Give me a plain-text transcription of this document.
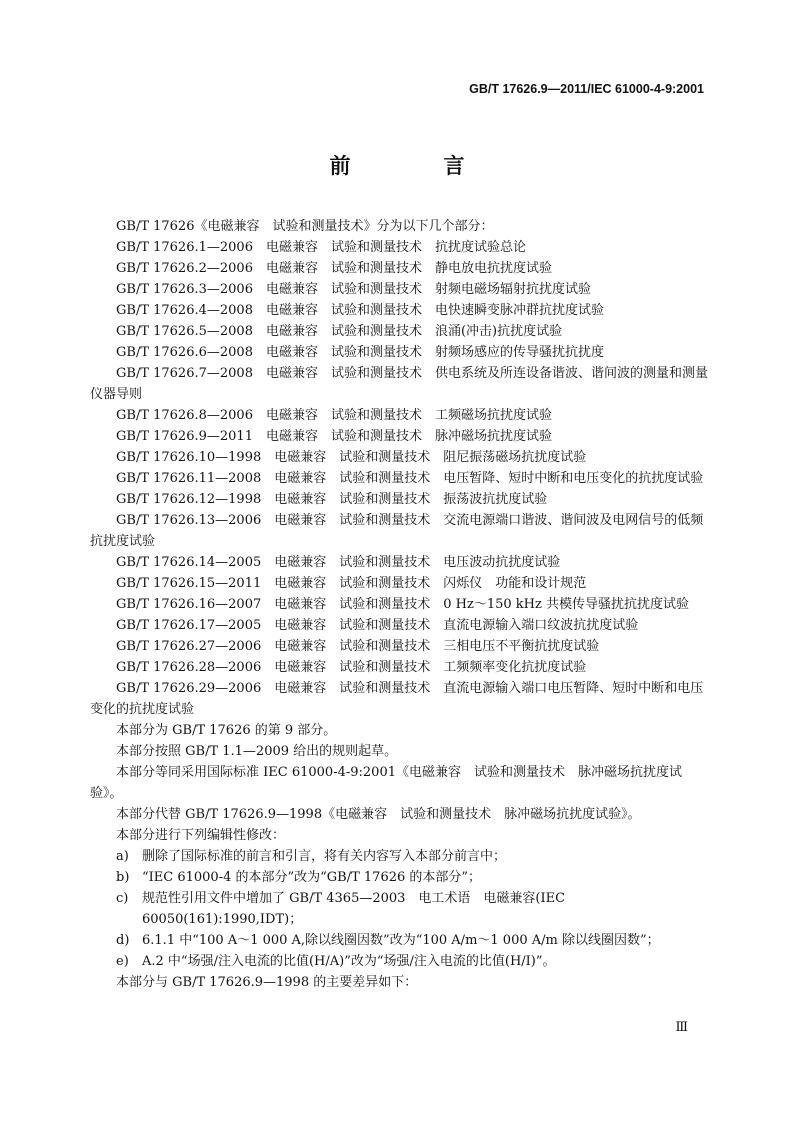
GB/T 17626.9—2011/IEC 61000-4-9:2001
前　言

GB/T 17626《电磁兼容　试验和测量技术》分为以下几个部分：

GB/T 17626.1—2006　电磁兼容　试验和测量技术　抗扰度试验总论

GB/T 17626.2—2006　电磁兼容　试验和测量技术　静电放电抗扰度试验

GB/T 17626.3—2006　电磁兼容　试验和测量技术　射频电磁场辐射抗扰度试验

GB/T 17626.4—2008　电磁兼容　试验和测量技术　电快速瞬变脉冲群抗扰度试验

GB/T 17626.5—2008　电磁兼容　试验和测量技术　浪涌(冲击)抗扰度试验

GB/T 17626.6—2008　电磁兼容　试验和测量技术　射频场感应的传导骚扰抗扰度

GB/T 17626.7—2008　电磁兼容　试验和测量技术　供电系统及所连设备谐波、谐间波的测量和测量仪器导则

GB/T 17626.8—2006　电磁兼容　试验和测量技术　工频磁场抗扰度试验

GB/T 17626.9—2011　电磁兼容　试验和测量技术　脉冲磁场抗扰度试验

GB/T 17626.10—1998　电磁兼容　试验和测量技术　阻尼振荡磁场抗扰度试验

GB/T 17626.11—2008　电磁兼容　试验和测量技术　电压暂降、短时中断和电压变化的抗扰度试验

GB/T 17626.12—1998　电磁兼容　试验和测量技术　振荡波抗扰度试验

GB/T 17626.13—2006　电磁兼容　试验和测量技术　交流电源端口谐波、谐间波及电网信号的低频抗扰度试验

GB/T 17626.14—2005　电磁兼容　试验和测量技术　电压波动抗扰度试验

GB/T 17626.15—2011　电磁兼容　试验和测量技术　闪烁仪　功能和设计规范

GB/T 17626.16—2007　电磁兼容　试验和测量技术　0 Hz～150 kHz 共模传导骚扰抗扰度试验

GB/T 17626.17—2005　电磁兼容　试验和测量技术　直流电源输入端口纹波抗扰度试验

GB/T 17626.27—2006　电磁兼容　试验和测量技术　三相电压不平衡抗扰度试验

GB/T 17626.28—2006　电磁兼容　试验和测量技术　工频频率变化抗扰度试验

GB/T 17626.29—2006　电磁兼容　试验和测量技术　直流电源输入端口电压暂降、短时中断和电压变化的抗扰度试验

本部分为 GB/T 17626 的第 9 部分。

本部分按照 GB/T 1.1—2009 给出的规则起草。

本部分等同采用国际标准 IEC 61000-4-9:2001《电磁兼容　试验和测量技术　脉冲磁场抗扰度试验》。

本部分代替 GB/T 17626.9—1998《电磁兼容　试验和测量技术　脉冲磁场抗扰度试验》。

本部分进行下列编辑性修改：

a)	删除了国际标准的前言和引言，将有关内容写入本部分前言中；
b) “IEC 61000-4 的本部分”改为“GB/T 17626 的本部分”；
c)	规范性引用文件中增加了 GB/T 4365—2003　电工术语　电磁兼容(IEC 60050(161):1990,IDT)；
d) 6.1.1 中“100 A～1 000 A,除以线圈因数”改为“100 A/m～1 000 A/m 除以线圈因数”；
e)	A.2 中“场强/注入电流的比值(H/A)”改为“场强/注入电流的比值(H/I)”。

本部分与 GB/T 17626.9—1998 的主要差异如下：

Ⅲ
